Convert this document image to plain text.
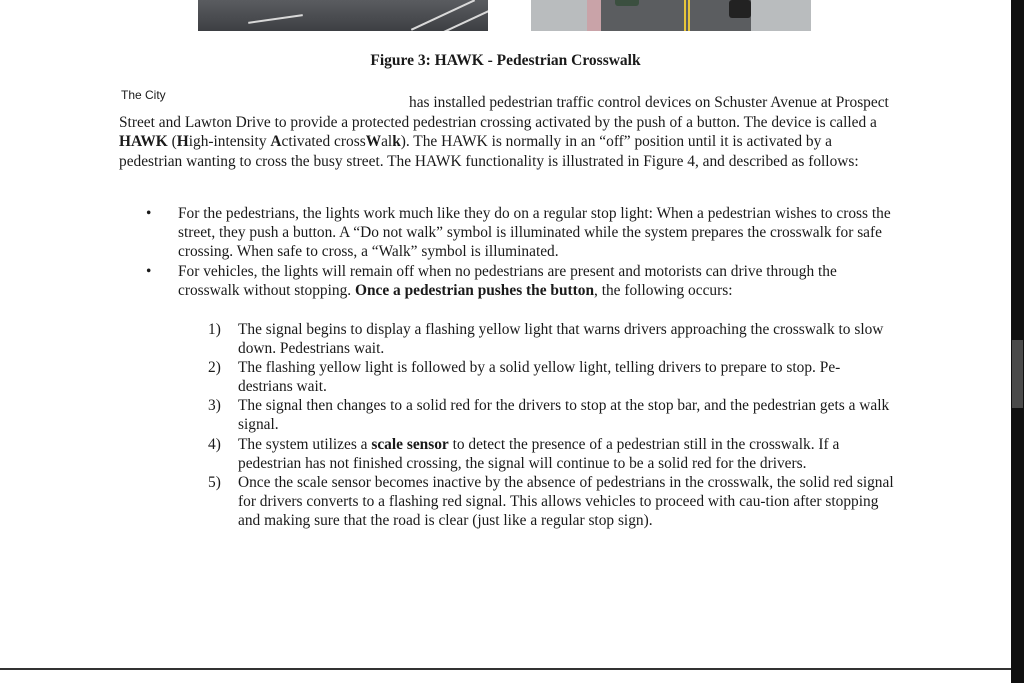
Figure 3: HAWK - Pedestrian Crosswalk
The City	has installed pedestrian traffic control devices on Schuster Avenue at Prospect Street and Lawton Drive to provide a protected pedestrian crossing activated by the push of a button. The device is called a HAWK (High-intensity Activated crossWalk). The HAWK is normally in an “off” position until it is activated by a pedestrian wanting to cross the busy street. The HAWK functionality is illustrated in Figure 4, and described as follows:

• For the pedestrians, the lights work much like they do on a regular stop light: When a pedestrian wishes to cross the street, they push a button. A “Do not walk” symbol is illuminated while the system prepares the crosswalk for safe crossing. When safe to cross, a “Walk” symbol is illuminated.
• For vehicles, the lights will remain off when no pedestrians are present and motorists can drive through the crosswalk without stopping. Once a pedestrian pushes the button, the following occurs:
1) The signal begins to display a flashing yellow light that warns drivers approaching the crosswalk to slow down. Pedestrians wait.
2) The flashing yellow light is followed by a solid yellow light, telling drivers to prepare to stop. Pe-destrians wait.
3) The signal then changes to a solid red for the drivers to stop at the stop bar, and the pedestrian gets a walk signal.
4) The system utilizes a scale sensor to detect the presence of a pedestrian still in the crosswalk. If a pedestrian has not finished crossing, the signal will continue to be a solid red for the drivers.
5) Once the scale sensor becomes inactive by the absence of pedestrians in the crosswalk, the solid red signal for drivers converts to a flashing red signal. This allows vehicles to proceed with cau-tion after stopping and making sure that the road is clear (just like a regular stop sign).
